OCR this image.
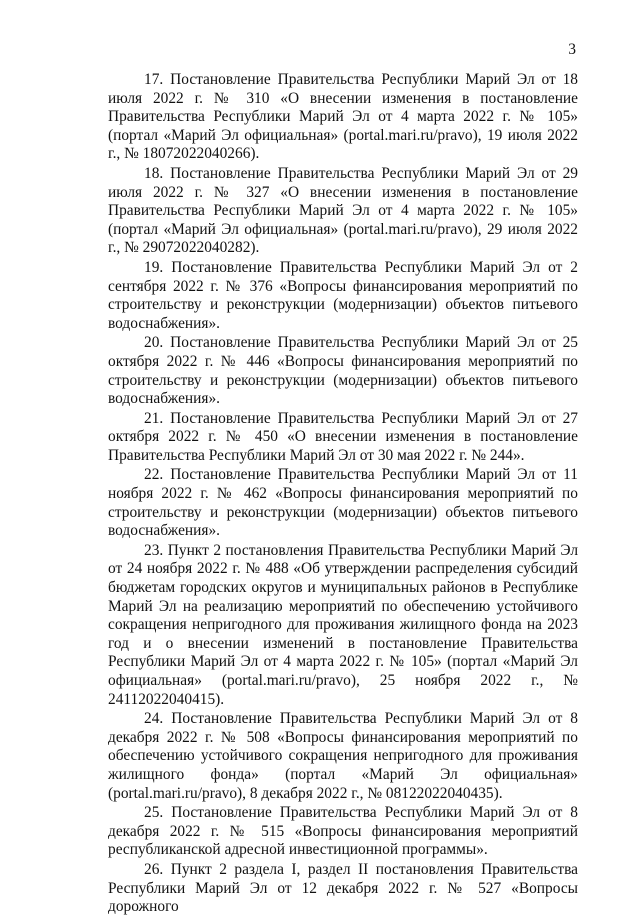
3

17. Постановление Правительства Республики Марий Эл от 18 июля 2022 г. № 310 «О внесении изменения в постановление Правительства Республики Марий Эл от 4 марта 2022 г. № 105» (портал «Марий Эл официальная» (portal.mari.ru/pravo), 19 июля 2022 г., № 18072022040266).

18. Постановление Правительства Республики Марий Эл от 29 июля 2022 г. № 327 «О внесении изменения в постановление Правительства Республики Марий Эл от 4 марта 2022 г. № 105» (портал «Марий Эл официальная» (portal.mari.ru/pravo), 29 июля 2022 г., № 29072022040282).

19. Постановление Правительства Республики Марий Эл от 2 сентября 2022 г. № 376 «Вопросы финансирования мероприятий по строительству и реконструкции (модернизации) объектов питьевого водоснабжения».

20. Постановление Правительства Республики Марий Эл от 25 октября 2022 г. № 446 «Вопросы финансирования мероприятий по строительству и реконструкции (модернизации) объектов питьевого водоснабжения».

21. Постановление Правительства Республики Марий Эл от 27 октября 2022 г. № 450 «О внесении изменения в постановление Правительства Республики Марий Эл от 30 мая 2022 г. № 244».

22. Постановление Правительства Республики Марий Эл от 11 ноября 2022 г. № 462 «Вопросы финансирования мероприятий по строительству и реконструкции (модернизации) объектов питьевого водоснабжения».

23. Пункт 2 постановления Правительства Республики Марий Эл от 24 ноября 2022 г. № 488 «Об утверждении распределения субсидий бюджетам городских округов и муниципальных районов в Республике Марий Эл на реализацию мероприятий по обеспечению устойчивого сокращения непригодного для проживания жилищного фонда на 2023 год и о внесении изменений в постановление Правительства Республики Марий Эл от 4 марта 2022 г. № 105» (портал «Марий Эл официальная» (portal.mari.ru/pravo), 25 ноября 2022 г., № 24112022040415).

24. Постановление Правительства Республики Марий Эл от 8 декабря 2022 г. № 508 «Вопросы финансирования мероприятий по обеспечению устойчивого сокращения непригодного для проживания жилищного фонда» (портал «Марий Эл официальная» (portal.mari.ru/pravo), 8 декабря 2022 г., № 08122022040435).

25. Постановление Правительства Республики Марий Эл от 8 декабря 2022 г. № 515 «Вопросы финансирования мероприятий республиканской адресной инвестиционной программы».

26. Пункт 2 раздела I, раздел II постановления Правительства Республики Марий Эл от 12 декабря 2022 г. № 527 «Вопросы дорожного
